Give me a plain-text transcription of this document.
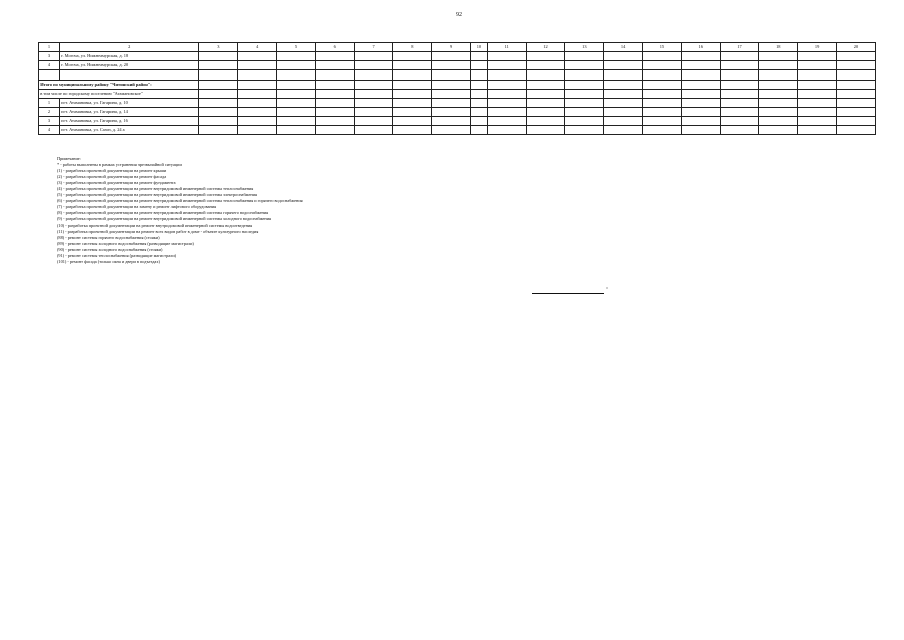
92
1	2	3	4	5	6	7	8	9	10	11	12	13	14	15	16	17	18	19	20
3	г. Могоча, ул. Нижнеамурская, д. 18																		
4	г. Могоча, ул. Нижнеамурская, д. 20																		

Итого по муниципальному району "Читинский район":																			
в том числе по городскому поселению "Атамановское"																			
1	пгт. Атамановка, ул. Гагарина, д. 10																		
2	пгт. Атамановка, ул. Гагарина, д. 14																		
3	пгт. Атамановка, ул. Гагарина, д. 16																		
4	пгт. Атамановка, ул. Сазиз, д. 24 а																		
Примечание:
* - работы выполнены в рамках устранения чрезвычайной ситуации
(1) - разработка проектной документации на ремонт крыши
(2) - разработка проектной документации на ремонт фасада
(3) - разработка проектной документации на ремонт фундамента
(4) - разработка проектной документации на ремонт внутридомовой инженерной системы теплоснабжения
(5) - разработка проектной документации на ремонт внутридомовой инженерной системы электроснабжения
(6) - разработка проектной документации на ремонт внутридомовой инженерной системы теплоснабжения и горячего водоснабжения
(7) - разработка проектной документации на замену и ремонт лифтового оборудования
(8) - разработка проектной документации на ремонт внутридомовой инженерной системы горячего водоснабжения
(9) - разработка проектной документации на ремонт внутридомовой инженерной системы холодного водоснабжения
(10) - разработка проектной документации на ремонт внутридомовой инженерной системы водоотведения
(11) - разработка проектной документации на ремонт всех видов работ в доме - объекте культурного наследия
(88) - ремонт системы горячего водоснабжения (стояки)
(89) - ремонт системы холодного водоснабжения (разводящие магистрали)
(90) - ремонт системы холодного водоснабжения (стояки)
(91) - ремонт системы теплоснабжения (разводящие магистрали)
(101) - ремонт фасада (только окна и двери в подъездах)
"
